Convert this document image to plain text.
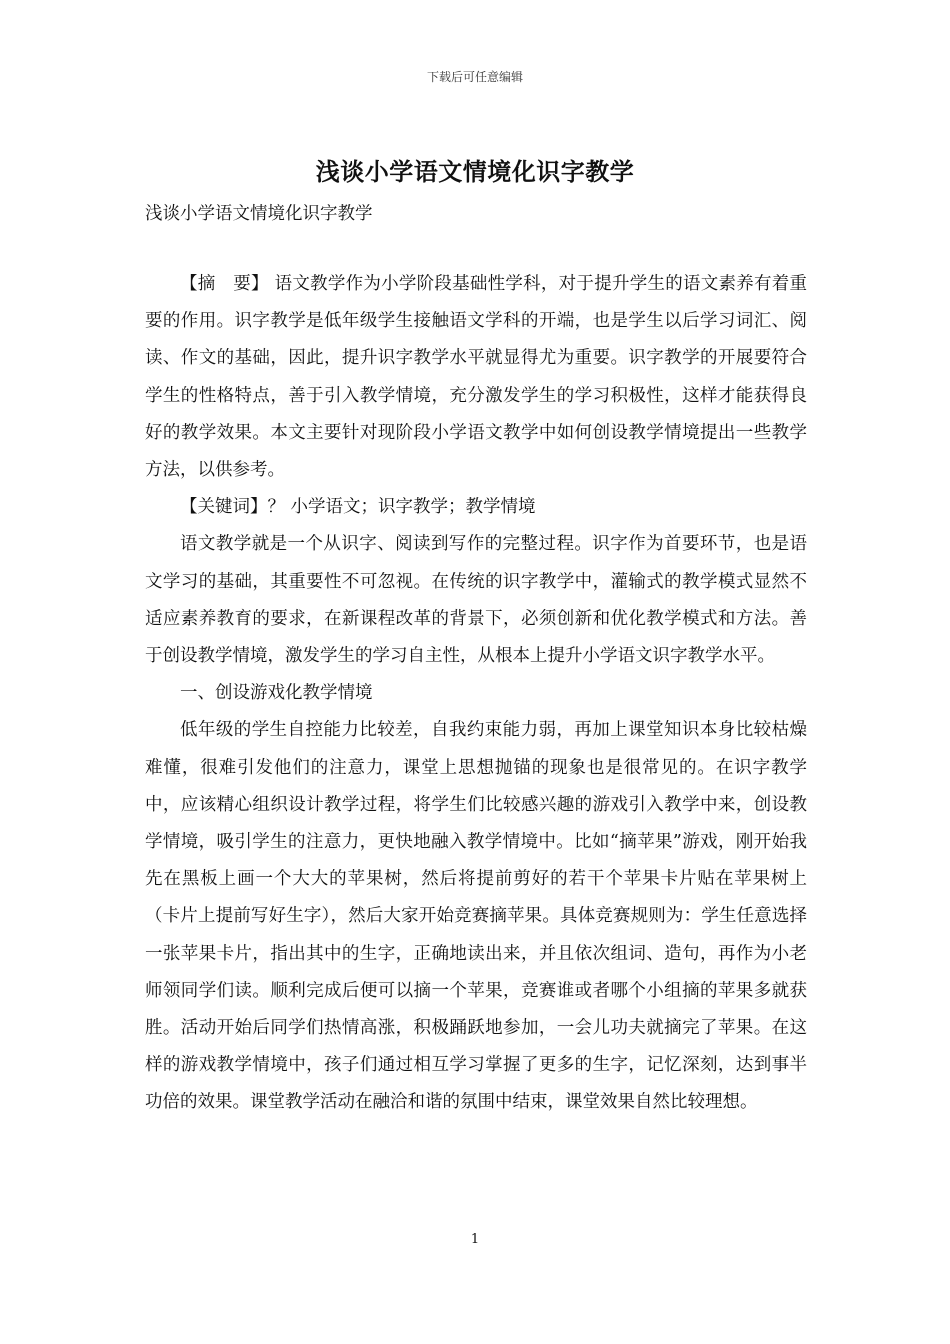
下载后可任意编辑
浅谈小学语文情境化识字教学
浅谈小学语文情境化识字教学

【摘　要】 语文教学作为小学阶段基础性学科，对于提升学生的语文素养有着重要的作用。识字教学是低年级学生接触语文学科的开端，也是学生以后学习词汇、阅读、作文的基础，因此，提升识字教学水平就显得尤为重要。识字教学的开展要符合学生的性格特点，善于引入教学情境，充分激发学生的学习积极性，这样才能获得良好的教学效果。本文主要针对现阶段小学语文教学中如何创设教学情境提出一些教学方法，以供参考。

【关键词】？ 小学语文；识字教学；教学情境

语文教学就是一个从识字、阅读到写作的完整过程。识字作为首要环节，也是语文学习的基础，其重要性不可忽视。在传统的识字教学中，灌输式的教学模式显然不适应素养教育的要求，在新课程改革的背景下，必须创新和优化教学模式和方法。善于创设教学情境，激发学生的学习自主性，从根本上提升小学语文识字教学水平。

一、创设游戏化教学情境

低年级的学生自控能力比较差，自我约束能力弱，再加上课堂知识本身比较枯燥难懂，很难引发他们的注意力，课堂上思想抛锚的现象也是很常见的。在识字教学中，应该精心组织设计教学过程，将学生们比较感兴趣的游戏引入教学中来，创设教学情境，吸引学生的注意力，更快地融入教学情境中。比如“摘苹果”游戏，刚开始我先在黑板上画一个大大的苹果树，然后将提前剪好的若干个苹果卡片贴在苹果树上（卡片上提前写好生字），然后大家开始竞赛摘苹果。具体竞赛规则为：学生任意选择一张苹果卡片，指出其中的生字，正确地读出来，并且依次组词、造句，再作为小老师领同学们读。顺利完成后便可以摘一个苹果，竞赛谁或者哪个小组摘的苹果多就获胜。活动开始后同学们热情高涨，积极踊跃地参加，一会儿功夫就摘完了苹果。在这样的游戏教学情境中，孩子们通过相互学习掌握了更多的生字，记忆深刻，达到事半功倍的效果。课堂教学活动在融洽和谐的氛围中结束，课堂效果自然比较理想。

1
